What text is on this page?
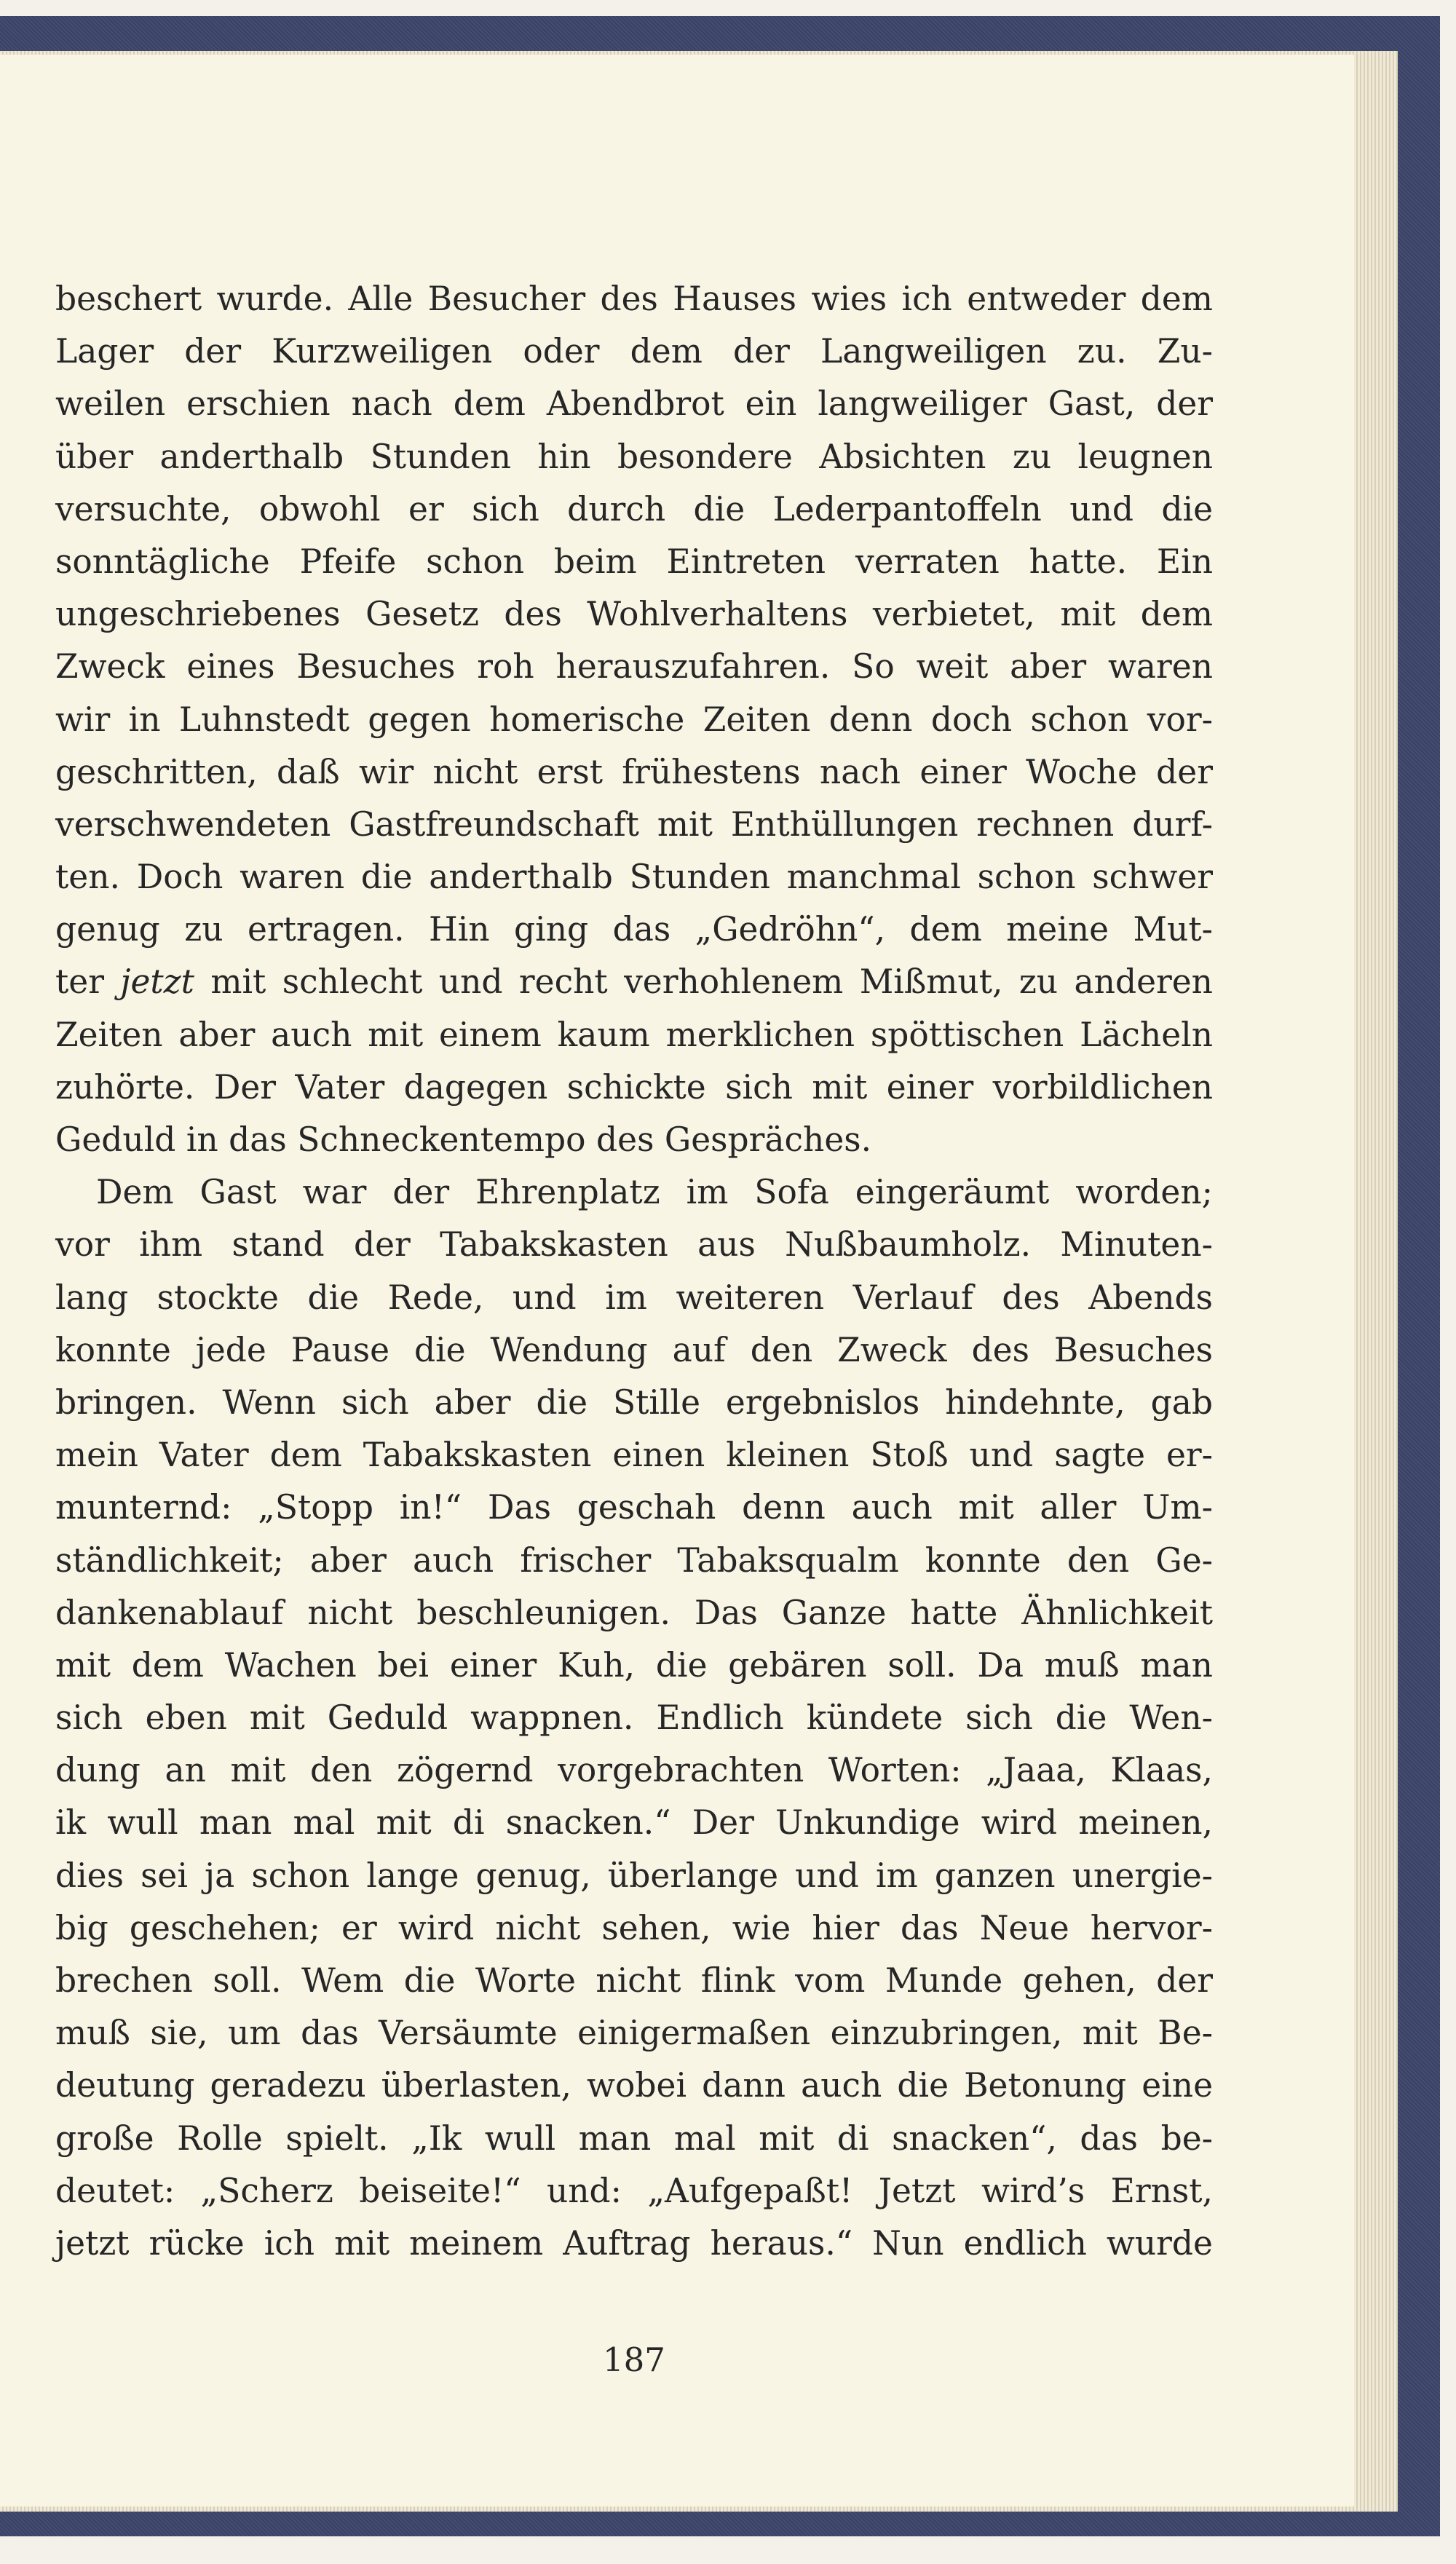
beschert wurde. Alle Besucher des Hauses wies ich entweder dem
Lager der Kurzweiligen oder dem der Langweiligen zu. Zu-
weilen erschien nach dem Abendbrot ein langweiliger Gast, der
über anderthalb Stunden hin besondere Absichten zu leugnen
versuchte, obwohl er sich durch die Lederpantoffeln und die
sonntägliche Pfeife schon beim Eintreten verraten hatte. Ein
ungeschriebenes Gesetz des Wohlverhaltens verbietet, mit dem
Zweck eines Besuches roh herauszufahren. So weit aber waren
wir in Luhnstedt gegen homerische Zeiten denn doch schon vor-
geschritten, daß wir nicht erst frühestens nach einer Woche der
verschwendeten Gastfreundschaft mit Enthüllungen rechnen durf-
ten. Doch waren die anderthalb Stunden manchmal schon schwer
genug zu ertragen. Hin ging das „Gedröhn“, dem meine Mut-
ter jetzt mit schlecht und recht verhohlenem Mißmut, zu anderen
Zeiten aber auch mit einem kaum merklichen spöttischen Lächeln
zuhörte. Der Vater dagegen schickte sich mit einer vorbildlichen
Geduld in das Schneckentempo des Gespräches.
Dem Gast war der Ehrenplatz im Sofa eingeräumt worden;
vor ihm stand der Tabakskasten aus Nußbaumholz. Minuten-
lang stockte die Rede, und im weiteren Verlauf des Abends
konnte jede Pause die Wendung auf den Zweck des Besuches
bringen. Wenn sich aber die Stille ergebnislos hindehnte, gab
mein Vater dem Tabakskasten einen kleinen Stoß und sagte er-
munternd: „Stopp in!“ Das geschah denn auch mit aller Um-
ständlichkeit; aber auch frischer Tabaksqualm konnte den Ge-
dankenablauf nicht beschleunigen. Das Ganze hatte Ähnlichkeit
mit dem Wachen bei einer Kuh, die gebären soll. Da muß man
sich eben mit Geduld wappnen. Endlich kündete sich die Wen-
dung an mit den zögernd vorgebrachten Worten: „Jaaa, Klaas,
ik wull man mal mit di snacken.“ Der Unkundige wird meinen,
dies sei ja schon lange genug, überlange und im ganzen unergie-
big geschehen; er wird nicht sehen, wie hier das Neue hervor-
brechen soll. Wem die Worte nicht flink vom Munde gehen, der
muß sie, um das Versäumte einigermaßen einzubringen, mit Be-
deutung geradezu überlasten, wobei dann auch die Betonung eine
große Rolle spielt. „Ik wull man mal mit di snacken“, das be-
deutet: „Scherz beiseite!“ und: „Aufgepaßt! Jetzt wird’s Ernst,
jetzt rücke ich mit meinem Auftrag heraus.“ Nun endlich wurde
187
